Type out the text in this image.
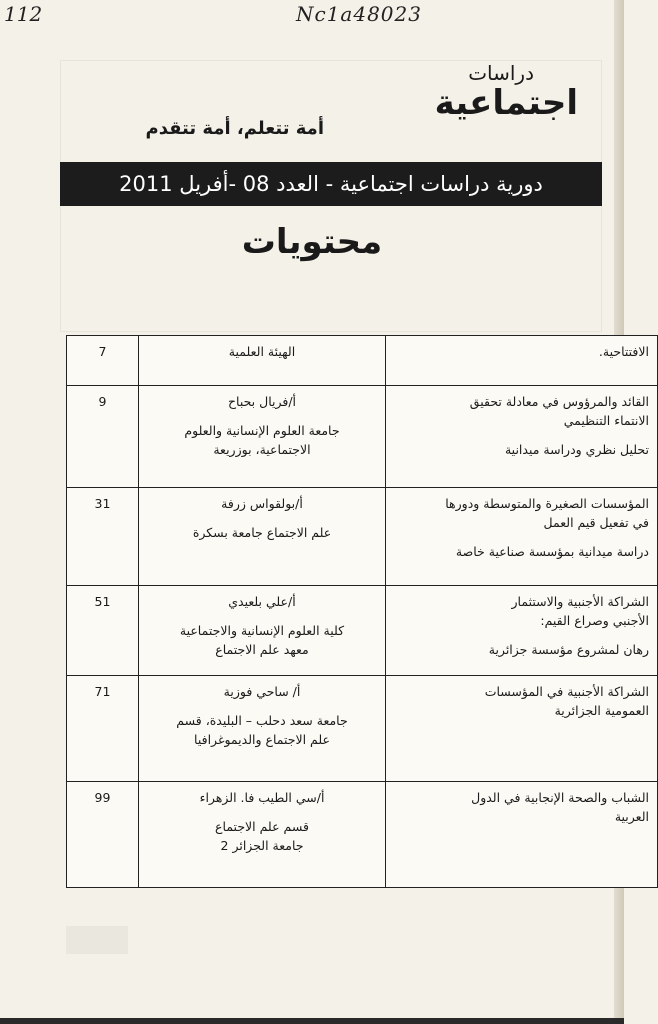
112	Nc1a48023
دراسات
اجتماعية
أمة تتعلم، أمة تتقدم
دورية دراسات اجتماعية - العدد 08 -أفريل 2011
محتويات
7	الهيئة العلمية	الافتتاحية.

9	أ/فريال بحباح
جامعة العلوم الإنسانية والعلوم
الاجتماعية، بوزريعة	القائد والمرؤوس في معادلة تحقيق
الانتماء التنظيمي
تحليل نظري ودراسة ميدانية

31	أ/بولقواس زرفة
علم الاجتماع جامعة بسكرة	المؤسسات الصغيرة والمتوسطة ودورها
في تفعيل قيم العمل
دراسة ميدانية بمؤسسة صناعية خاصة

51	أ/علي بلعيدي
كلية العلوم الإنسانية والاجتماعية
معهد علم الاجتماع	الشراكة الأجنبية والاستثمار
الأجنبي وصراع القيم:
رهان لمشروع مؤسسة جزائرية

71	أ/ ساحي فوزية
جامعة سعد دحلب – البليدة، قسم
علم الاجتماع والديموغرافيا	الشراكة الأجنبية في المؤسسات
العمومية الجزائرية

99	أ/سي الطيب فا. الزهراء
قسم علم الاجتماع
جامعة الجزائر 2	الشباب والصحة الإنجابية في الدول
العربية
